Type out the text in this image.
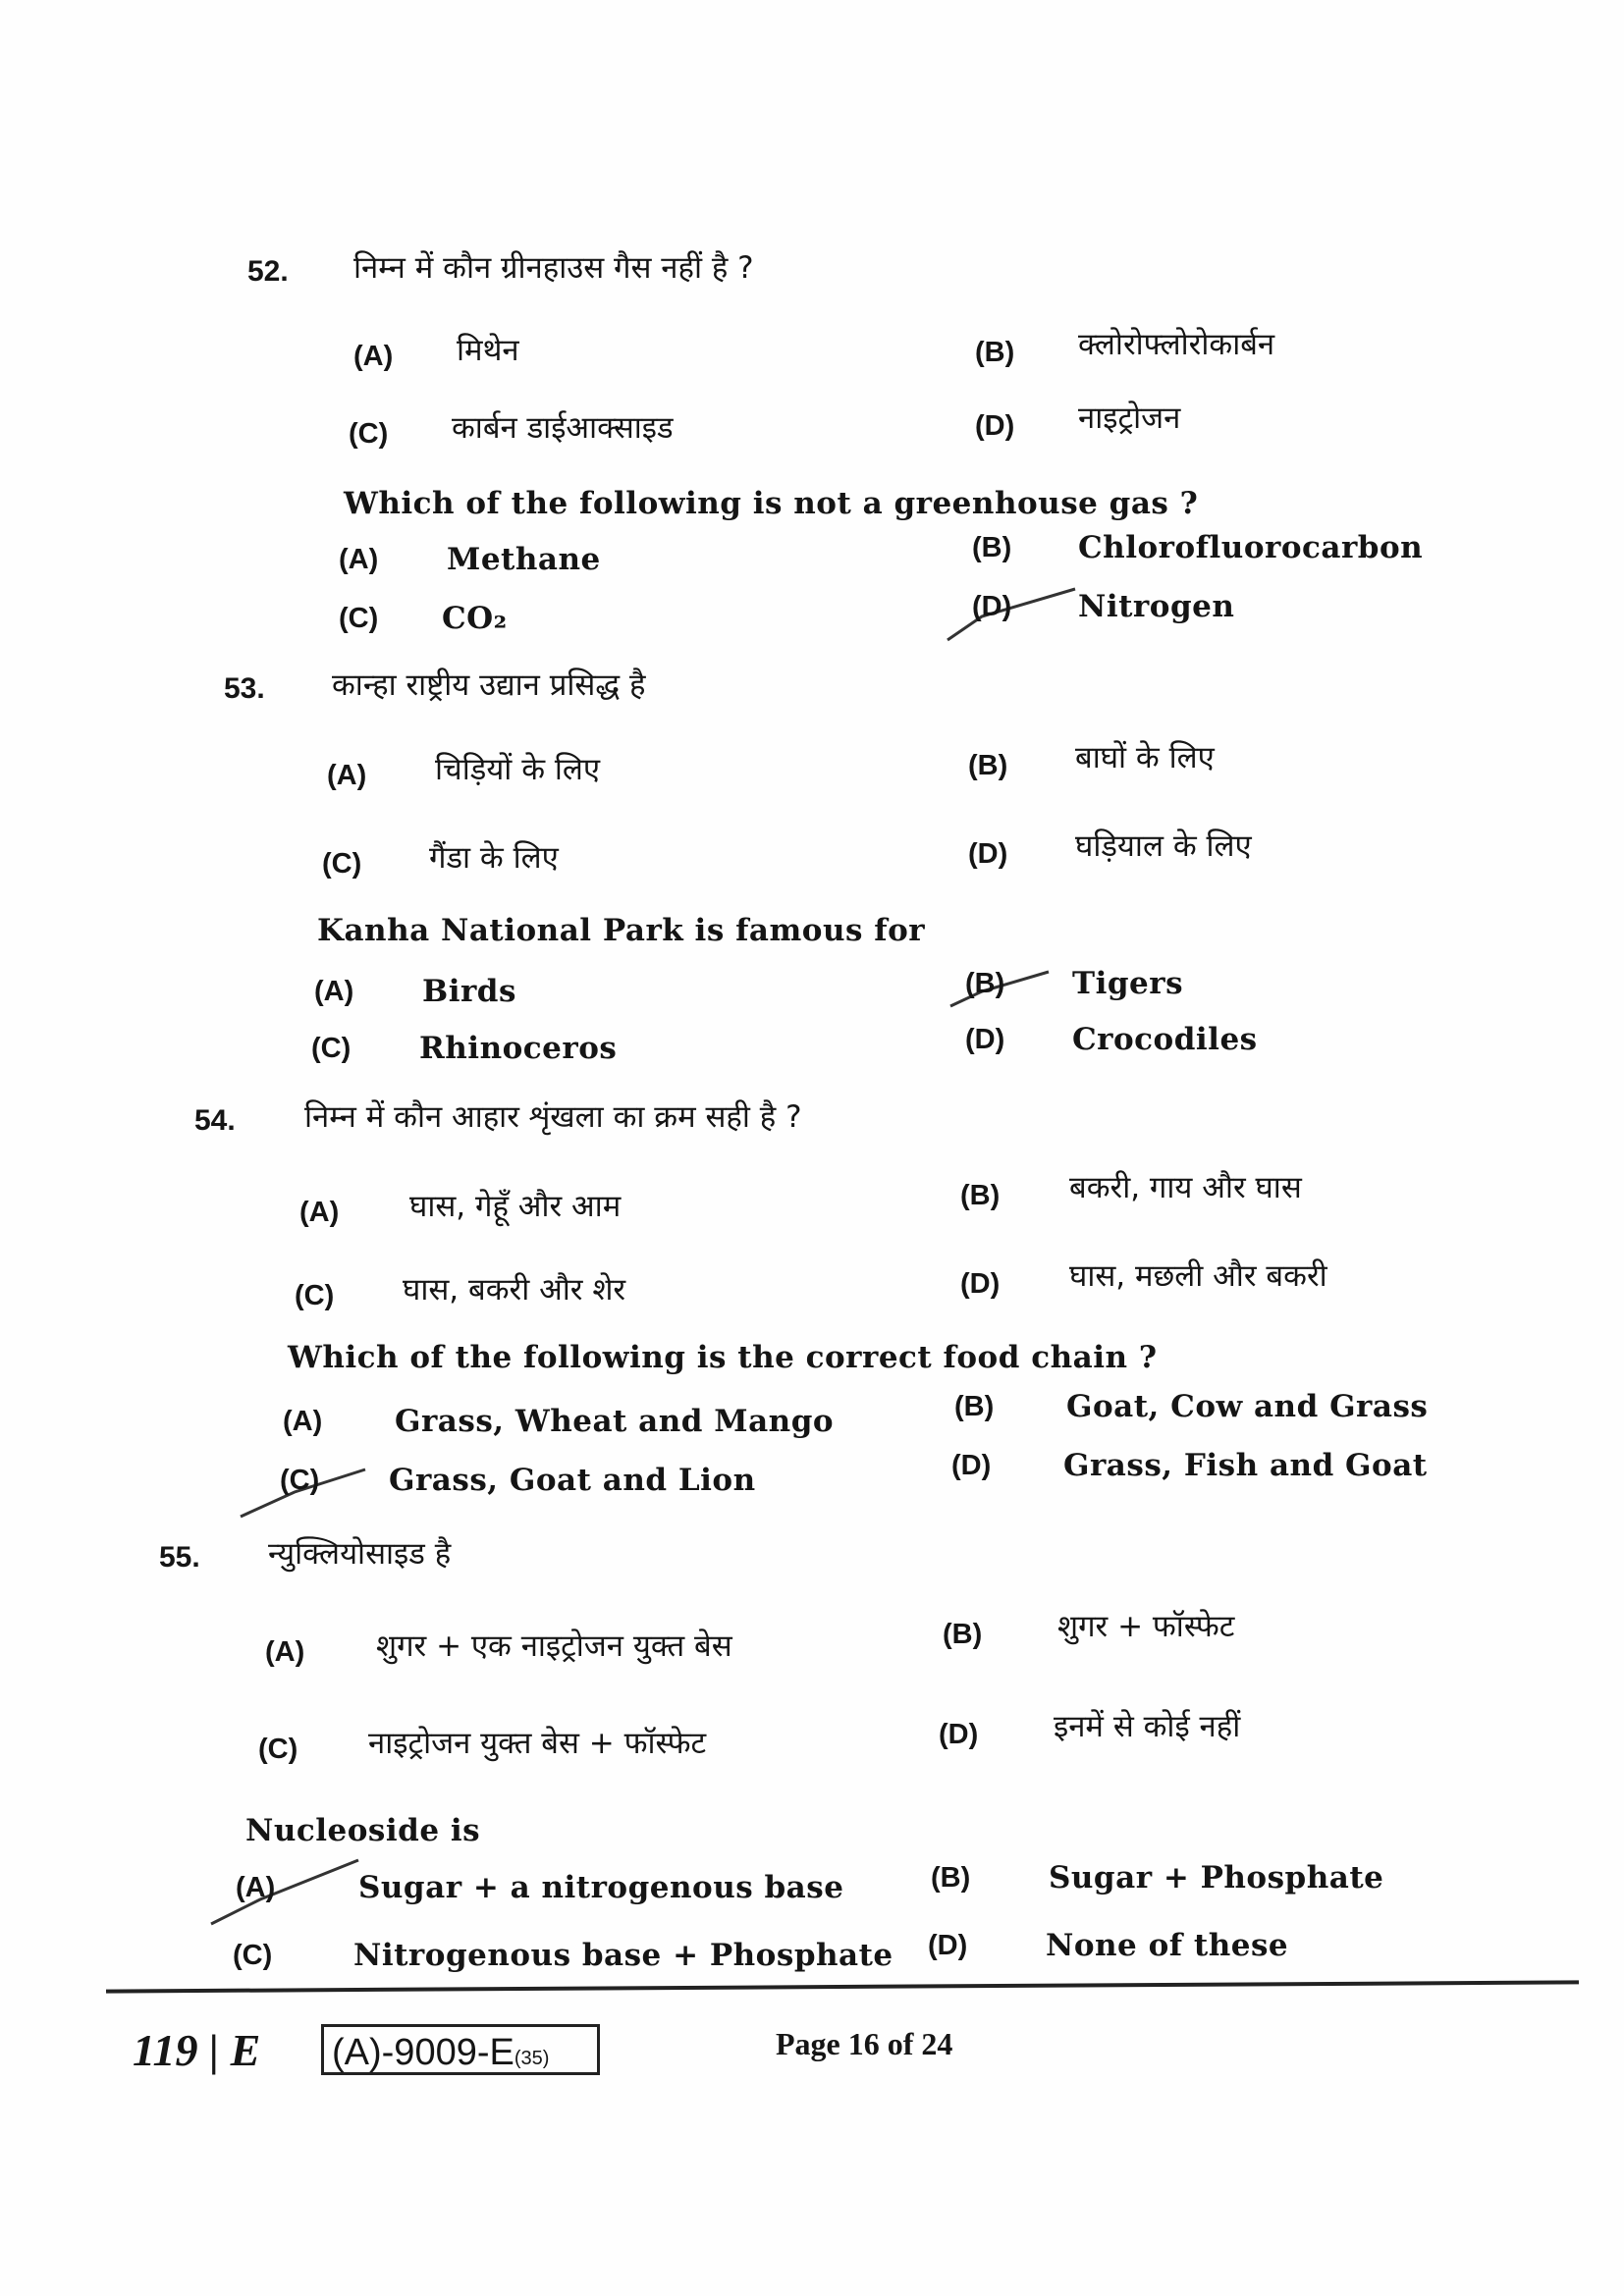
119 | E (A)-9009-E(35)	Page 16 of 24
52. निम्न में कौन ग्रीनहाउस गैस नहीं है ?
(A) मिथेन	(B) क्लोरोफ्लोरोकार्बन
(C) कार्बन डाईआक्साइड	(D) नाइट्रोजन
Which of the following is not a greenhouse gas ?
(A) Methane	(B) Chlorofluorocarbon
(C) CO₂	(D) Nitrogen
53. कान्हा राष्ट्रीय उद्यान प्रसिद्ध है
(A) चिड़ियों के लिए	(B) बाघों के लिए
(C) गैंडा के लिए	(D) घड़ियाल के लिए
Kanha National Park is famous for
(A) Birds	(B) Tigers
(C) Rhinoceros	(D) Crocodiles
54. निम्न में कौन आहार शृंखला का क्रम सही है ?
(A) घास, गेहूँ और आम	(B) बकरी, गाय और घास
(C) घास, बकरी और शेर	(D) घास, मछली और बकरी
Which of the following is the correct food chain ?
(A) Grass, Wheat and Mango	(B) Goat, Cow and Grass
(C) Grass, Goat and Lion	(D) Grass, Fish and Goat
55. न्युक्लियोसाइड है
(A) शुगर + एक नाइट्रोजन युक्त बेस	(B) शुगर + फॉस्फेट
(C) नाइट्रोजन युक्त बेस + फॉस्फेट	(D) इनमें से कोई नहीं
Nucleoside is
(A)	Sugar + a nitrogenous base	(B)	Sugar + Phosphate
(C)	Nitrogenous base + Phosphate (D)	None of these
